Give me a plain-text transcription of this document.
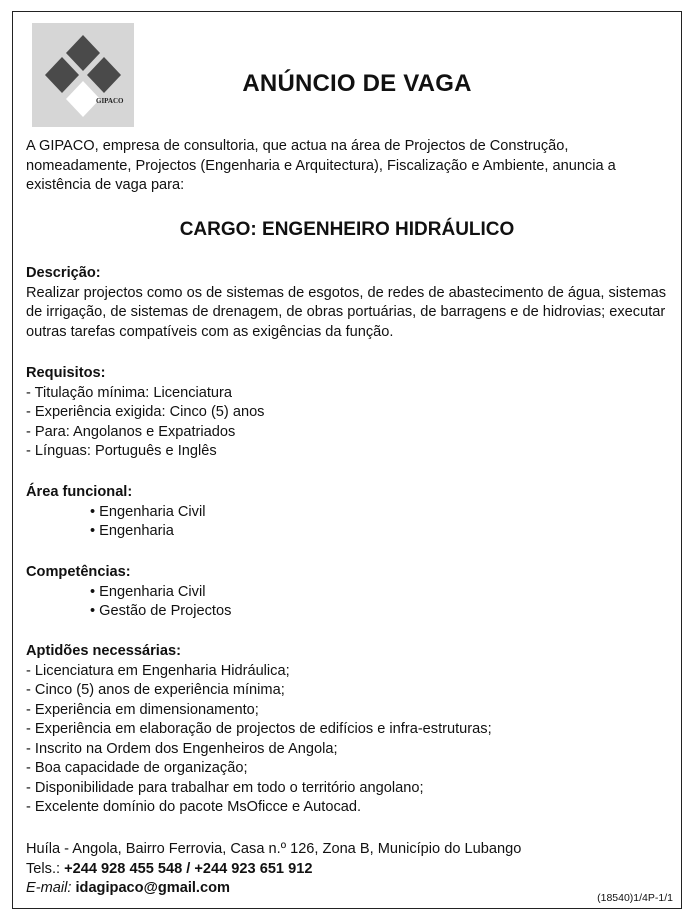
GIPACO
ANÚNCIO DE VAGA

A GIPACO, empresa de consultoria, que actua na área de Projectos de Construção, nomeadamente, Projectos (Engenharia e Arquitectura), Fiscalização e Ambiente, anuncia a existência de vaga para:

CARGO: ENGENHEIRO HIDRÁULICO
Descrição:
Realizar projectos como os de sistemas de esgotos, de redes de abastecimento de água, sistemas de irrigação, de sistemas de drenagem, de obras portuárias, de barragens e de hidrovias; executar outras tarefas compatíveis com as exigências da função.
Requisitos:
- Titulação mínima: Licenciatura
- Experiência exigida: Cinco (5) anos
- Para: Angolanos e Expatriados
- Línguas: Português e Inglês
Área funcional:
• Engenharia Civil
• Engenharia
Competências:
• Engenharia Civil
• Gestão de Projectos
Aptidões necessárias:
- Licenciatura em Engenharia Hidráulica;
- Cinco (5) anos de experiência mínima;
- Experiência em dimensionamento;
- Experiência em elaboração de projectos de edifícios e infra-estruturas;
- Inscrito na Ordem dos Engenheiros de Angola;
- Boa capacidade de organização;
- Disponibilidade para trabalhar em todo o território angolano;
- Excelente domínio do pacote MsOficce e Autocad.
Huíla - Angola, Bairro Ferrovia, Casa n.º 126, Zona B, Município do Lubango
Tels.: +244 928 455 548 / +244 923 651 912
E-mail: idagipaco@gmail.com
(18540)1/4P-1/1
